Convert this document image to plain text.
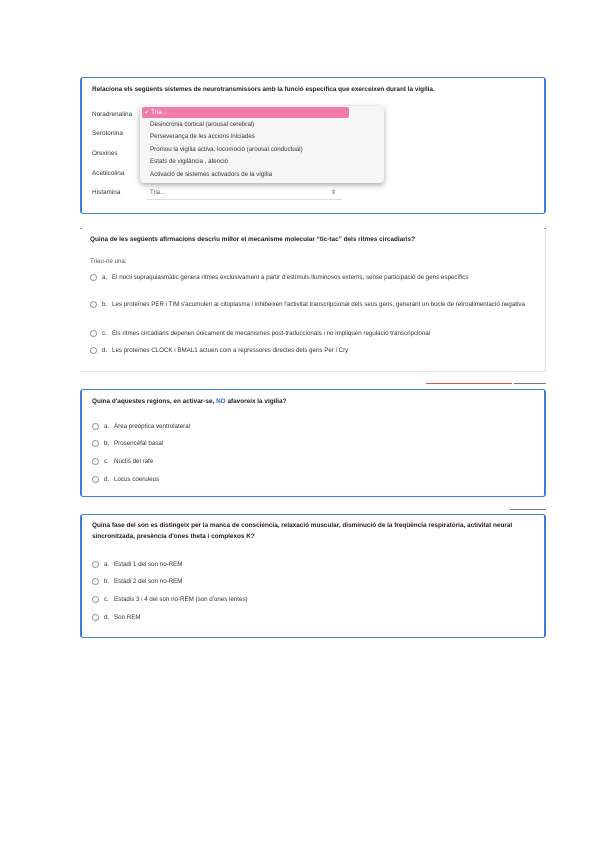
Relaciona els següents sistemes de neurotransmissors amb la funció específica que exerceixen durant la vigília.
Noradrenalina
Serotonina
Orexines
Acetilcolina
Histamina	Tria...	⇕
✓ Tria...
Desincronia cortical (arousal cerebral)
Perseverança de les accions iniciades
Promou la vigília activa, locomoció (arousal conductual)
Estats de vigilància , atenció
Activació de sistemes activadors de la vigília
Quina de les següents afirmacions descriu millor el mecanisme molecular “tic-tac” dels ritmes circadiaris?
Trieu-ne una:
a. El nucli supraquiasmàtic genera ritmes exclusivament a partir d'estímuls lluminosos externs, sense participació de gens específics
b. Les proteïnes PER i TIM s'acumulen al citoplasma i inhibeixen l'activitat transcripcional dels seus gens, generant un bucle de retroalimentació negativa
c. Els ritmes circadiaris depenen únicament de mecanismes post-traduccionals i no impliquen regulació transcripcional
d. Les proteïnes CLOCK i BMAL1 actuen com a repressores directes dels gens Per i Cry
Quina d'aquestes regions, en activar-se, NO afavoreix la vigília?
a. Àrea preòptica ventrolateral
b. Prosencèfal basal
c. Nuclis del rafe
d. Locus coeruleus
Quina fase del son es distingeix per la manca de consciència, relaxació muscular, disminució de la freqüència respiratòria, activitat neural sincronitzada, presència d'ones theta i complexos K?
a. Estadi 1 del son no-REM
b. Estadi 2 del son no-REM
c. Estadis 3 i 4 del son no-REM (son d'ones lentes)
d. Son REM
